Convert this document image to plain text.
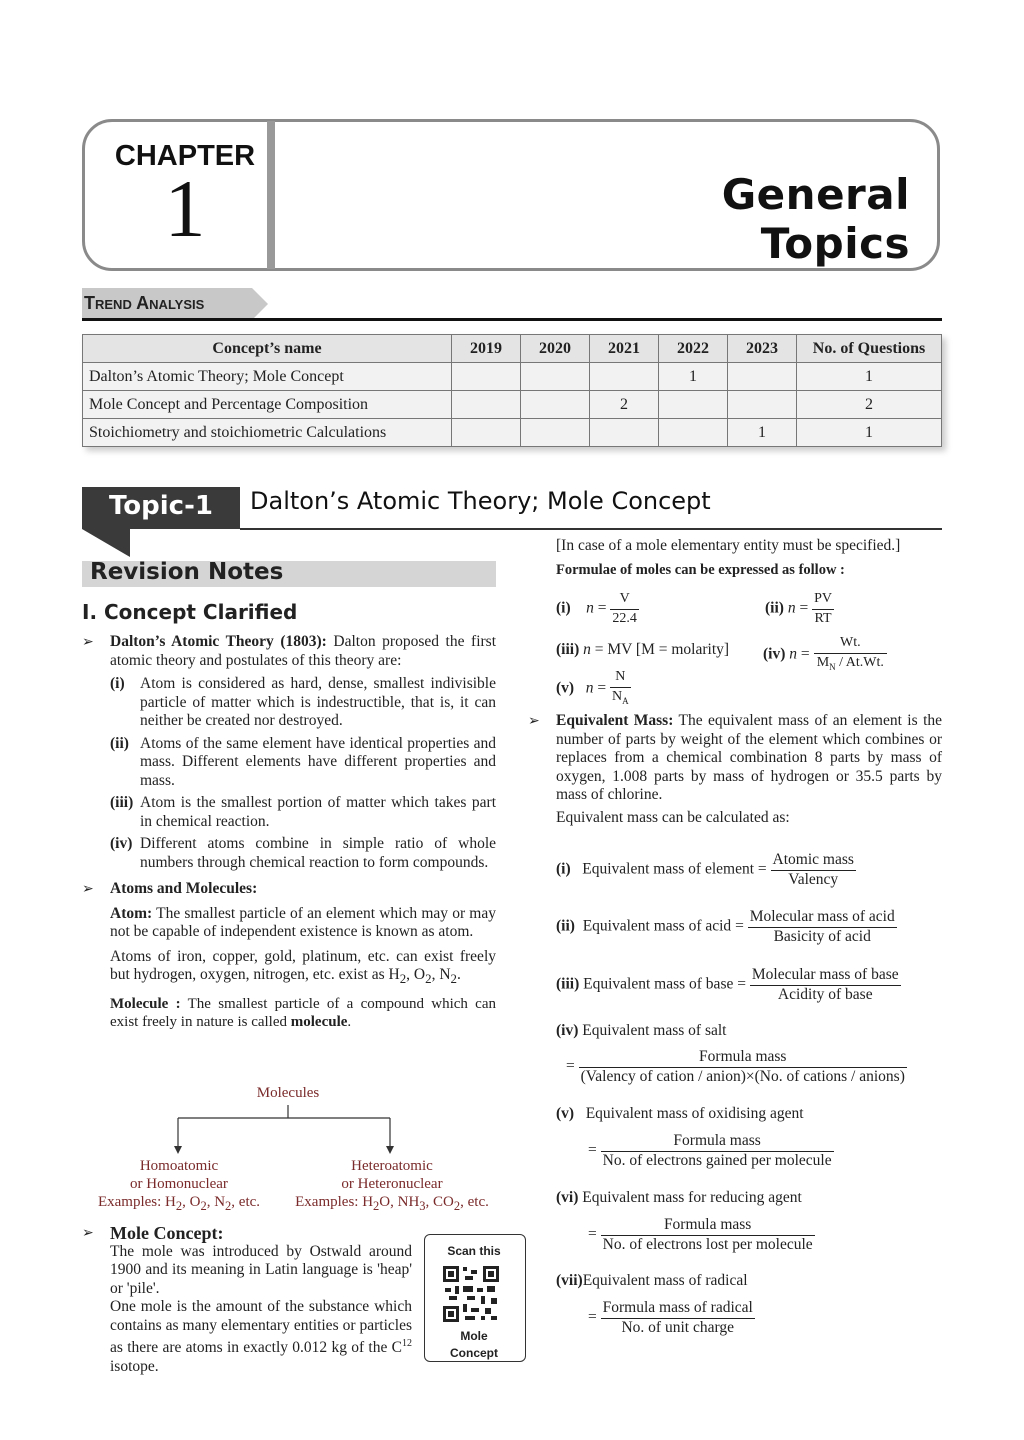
CHAPTER
1	General Topics
Trend Analysis
Concept’s name	2019	2020	2021	2022	2023	No. of Questions
Dalton’s Atomic Theory; Mole Concept				1		1
Mole Concept and Percentage Composition			2			2
Stoichiometry and stoichiometric Calculations					1	1
Topic-1	Dalton’s Atomic Theory; Mole Concept
Revision Notes
I. Concept Clarified
➢	Dalton’s Atomic Theory (1803): Dalton proposed the first atomic theory and postulates of this theory are:
(i) Atom is considered as hard, dense, smallest indivisible particle of matter which is indestructible, that is, it can neither be created nor destroyed.
(ii) Atoms of the same element have identical properties and mass. Different elements have different properties and mass.
(iii) Atom is the smallest portion of matter which takes part in chemical reaction.
(iv) Different atoms combine in simple ratio of whole numbers through chemical reaction to form compounds.
➢	Atoms and Molecules:
Atom: The smallest particle of an element which may or may not be capable of independent existence is known as atom.
Atoms of iron, copper, gold, platinum, etc. can exist freely but hydrogen, oxygen, nitrogen, etc. exist as $H_2$, $O_2$, $N_2$.
Molecule : The smallest particle of a compound which can exist freely in nature is called molecule.
Molecules
Homoatomic
or Homonuclear
Examples: $H_2$, $O_2$, $N_2$, etc.
Heteroatomic
or Heteronuclear
Examples: $H_2O$, $NH_3$, $CO_2$, etc.
➢ Mole Concept:
The mole was introduced by Ostwald around 1900 and its meaning in Latin language is 'heap' or 'pile'.
One mole is the amount of the substance which contains as many elementary entities or particles as there are atoms in exactly 0.012 kg of the $C^{12}$ isotope.
Scan this
Mole
Concept
[In case of a mole elementary entity must be specified.]
Formulae of moles can be expressed as follow :
(i) $n = \frac{V}{22.4}$	(ii) $n = \frac{PV}{RT}$
(iii) n = MV [M = molarity]	(iv) $n = \frac{Wt.}{M_N / At.Wt.}$
(v) $n = \frac{N}{N_A}$
➢	Equivalent Mass: The equivalent mass of an element is the number of parts by weight of the element which combines or replaces from a chemical combination 8 parts by mass of oxygen, 1.008 parts by mass of hydrogen or 35.5 parts by mass of chlorine.
Equivalent mass can be calculated as:
(i) Equivalent mass of element = $\frac{\text{Atomic mass}}{\text{Valency}}$
(ii) Equivalent mass of acid = $\frac{\text{Molecular mass of acid}}{\text{Basicity of acid}}$
(iii) Equivalent mass of base = $\frac{\text{Molecular mass of base}}{\text{Acidity of base}}$
(iv) Equivalent mass of salt
= $\frac{\text{Formula mass}}{\text{(Valency of cation / anion)×(No. of cations / anions)}}$
(v) Equivalent mass of oxidising agent
= $\frac{\text{Formula mass}}{\text{No. of electrons gained per molecule}}$
(vi) Equivalent mass for reducing agent
= $\frac{\text{Formula mass}}{\text{No. of electrons lost per molecule}}$
(vii)Equivalent mass of radical
= $\frac{\text{Formula mass of radical}}{\text{No. of unit charge}}$
